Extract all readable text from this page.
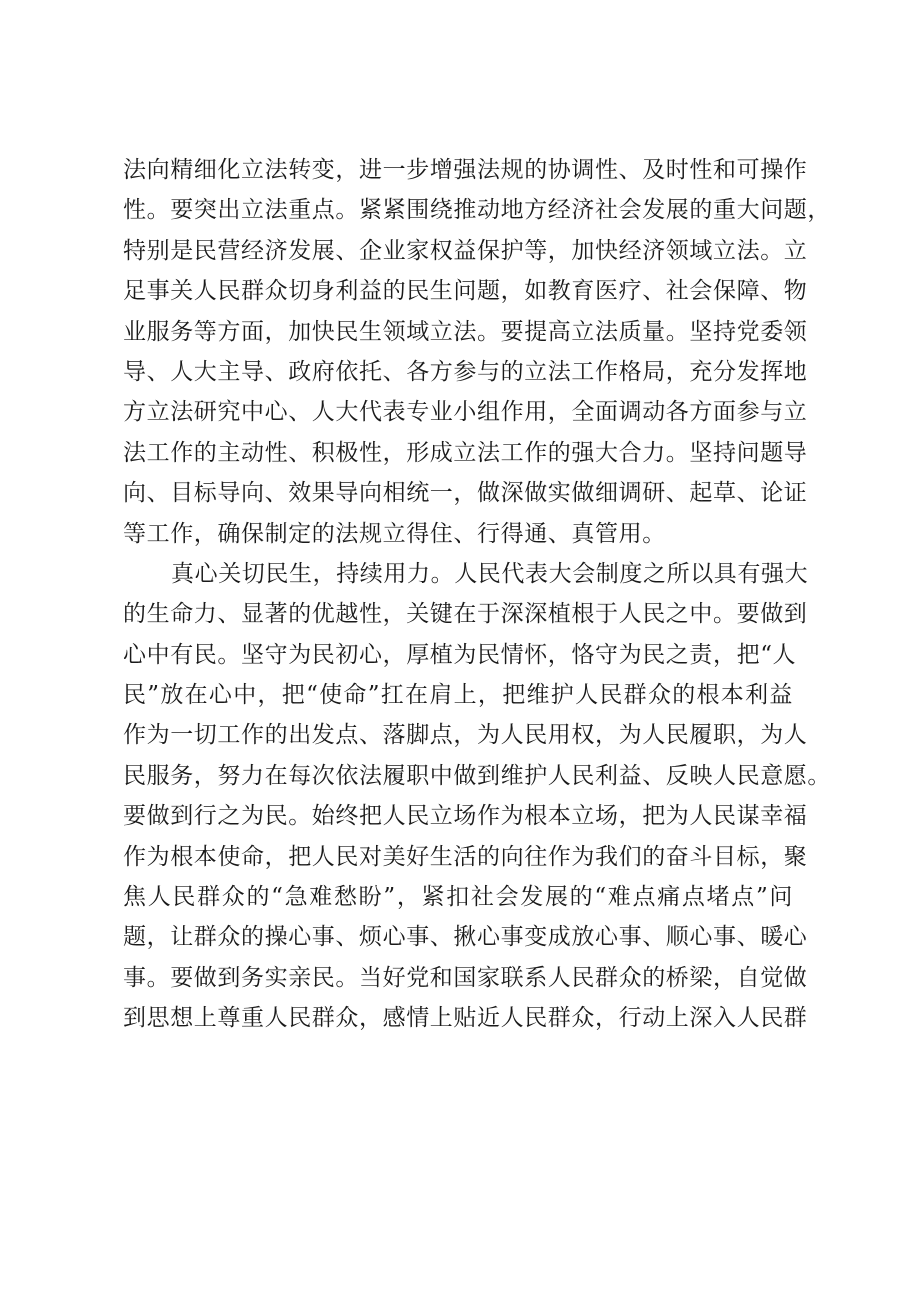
法向精细化立法转变，进一步增强法规的协调性、及时性和可操作
性。要突出立法重点。紧紧围绕推动地方经济社会发展的重大问题，
特别是民营经济发展、企业家权益保护等，加快经济领域立法。立
足事关人民群众切身利益的民生问题，如教育医疗、社会保障、物
业服务等方面，加快民生领域立法。要提高立法质量。坚持党委领
导、人大主导、政府依托、各方参与的立法工作格局，充分发挥地
方立法研究中心、人大代表专业小组作用，全面调动各方面参与立
法工作的主动性、积极性，形成立法工作的强大合力。坚持问题导
向、目标导向、效果导向相统一，做深做实做细调研、起草、论证
等工作，确保制定的法规立得住、行得通、真管用。
真心关切民生，持续用力。人民代表大会制度之所以具有强大
的生命力、显著的优越性，关键在于深深植根于人民之中。要做到
心中有民。坚守为民初心，厚植为民情怀，恪守为民之责，把“人
民”放在心中，把“使命”扛在肩上，把维护人民群众的根本利益
作为一切工作的出发点、落脚点，为人民用权，为人民履职，为人
民服务，努力在每次依法履职中做到维护人民利益、反映人民意愿。
要做到行之为民。始终把人民立场作为根本立场，把为人民谋幸福
作为根本使命，把人民对美好生活的向往作为我们的奋斗目标，聚
焦人民群众的“急难愁盼”，紧扣社会发展的“难点痛点堵点”问
题，让群众的操心事、烦心事、揪心事变成放心事、顺心事、暖心
事。要做到务实亲民。当好党和国家联系人民群众的桥梁，自觉做
到思想上尊重人民群众，感情上贴近人民群众，行动上深入人民群
